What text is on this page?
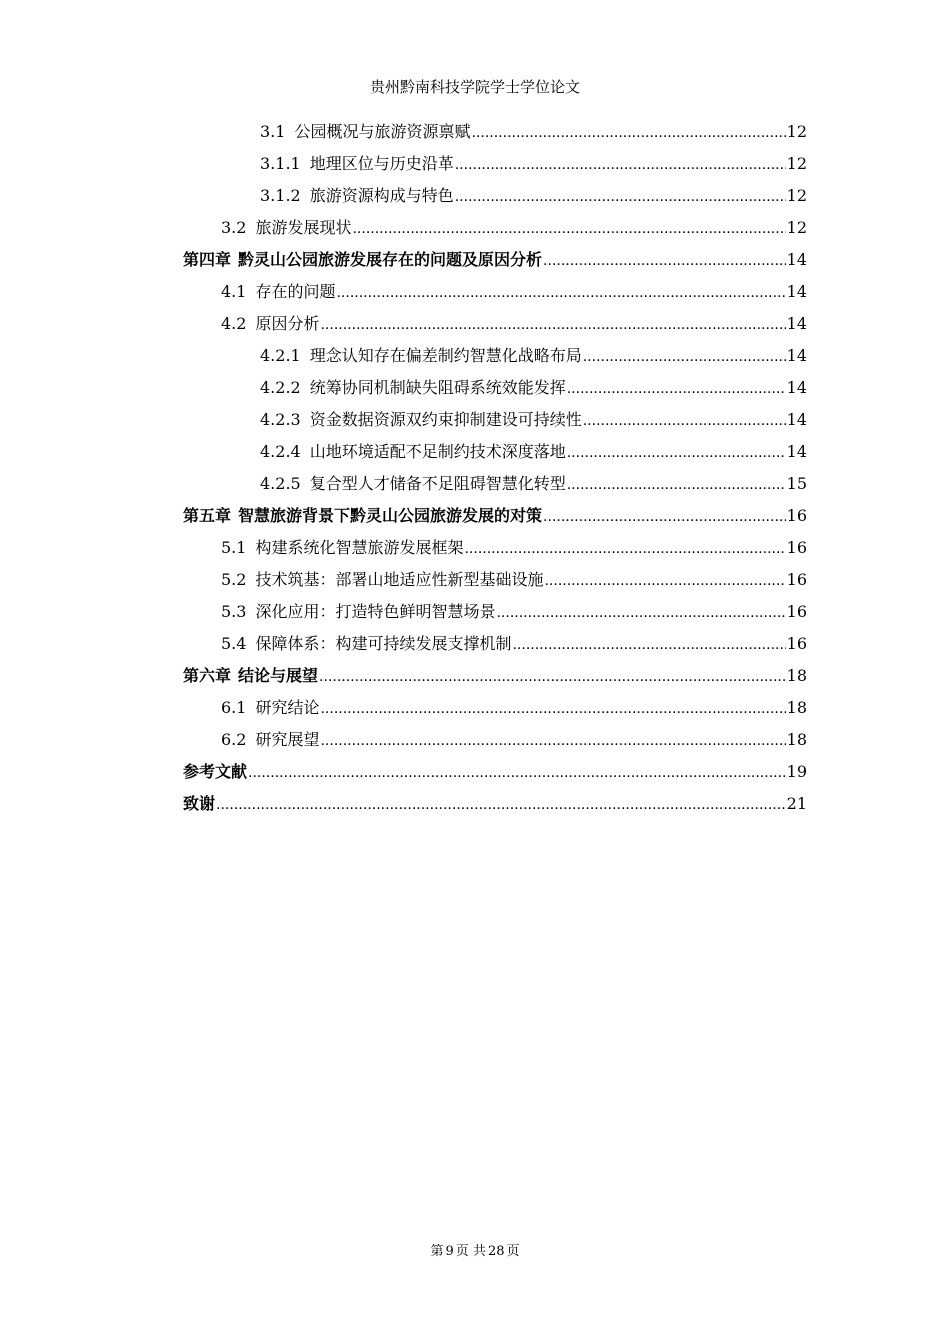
贵州黔南科技学院学士学位论文
3.1 公园概况与旅游资源禀赋 .....	12
3.1.1 地理区位与历史沿革 .....	12
3.1.2 旅游资源构成与特色 .....	12
3.2 旅游发展现状 .....	12
第四章 黔灵山公园旅游发展存在的问题及原因分析 .....	14
4.1 存在的问题 .....	14
4.2 原因分析 .....	14
4.2.1 理念认知存在偏差制约智慧化战略布局 .....	14
4.2.2 统筹协同机制缺失阻碍系统效能发挥 .....	14
4.2.3 资金数据资源双约束抑制建设可持续性 .....	14
4.2.4 山地环境适配不足制约技术深度落地 .....	14
4.2.5 复合型人才储备不足阻碍智慧化转型 .....	15
第五章 智慧旅游背景下黔灵山公园旅游发展的对策 .....	16
5.1 构建系统化智慧旅游发展框架 .....	16
5.2 技术筑基：部署山地适应性新型基础设施 .....	16
5.3 深化应用：打造特色鲜明智慧场景 .....	16
5.4 保障体系：构建可持续发展支撑机制 .....	16
第六章 结论与展望 .....	18
6.1 研究结论 .....	18
6.2 研究展望 .....	18
参考文献 .....	19
致谢 .....	21
第 9 页 共 28 页
